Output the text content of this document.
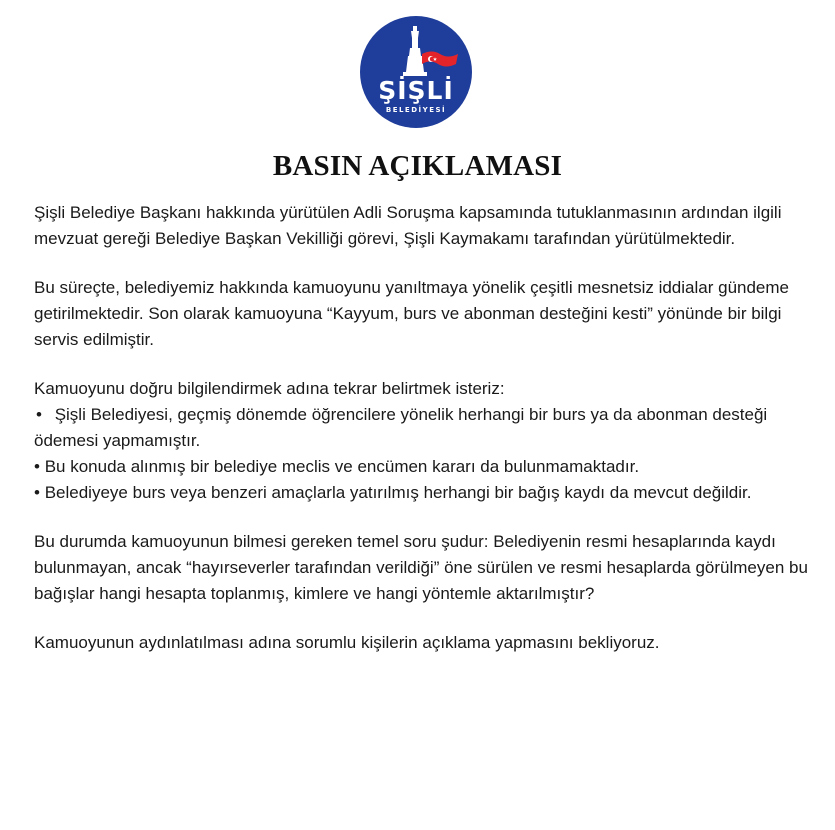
ŞİŞLİ
BELEDİYESİ
BASIN AÇIKLAMASI

Şişli Belediye Başkanı hakkında yürütülen Adli Soruşma kapsamında tutuklanmasının ardından ilgili mevzuat gereği Belediye Başkan Vekilliği görevi, Şişli Kaymakamı tarafından yürütülmektedir.

Bu süreçte, belediyemiz hakkında kamuoyunu yanıltmaya yönelik çeşitli mesnetsiz iddialar gündeme getirilmektedir. Son olarak kamuoyuna “Kayyum, burs ve abonman desteğini kesti” yönünde bir bilgi servis edilmiştir.

Kamuoyunu doğru bilgilendirmek adına tekrar belirtmek isteriz:
• Şişli Belediyesi, geçmiş dönemde öğrencilere yönelik herhangi bir burs ya da abonman desteği ödemesi yapmamıştır.
• Bu konuda alınmış bir belediye meclis ve encümen kararı da bulunmamaktadır.
• Belediyeye burs veya benzeri amaçlarla yatırılmış herhangi bir bağış kaydı da mevcut değildir.

Bu durumda kamuoyunun bilmesi gereken temel soru şudur: Belediyenin resmi hesaplarında kaydı bulunmayan, ancak “hayırseverler tarafından verildiği” öne sürülen ve resmi hesaplarda görülmeyen bu bağışlar hangi hesapta toplanmış, kimlere ve hangi yöntemle aktarılmıştır?

Kamuoyunun aydınlatılması adına sorumlu kişilerin açıklama yapmasını bekliyoruz.
